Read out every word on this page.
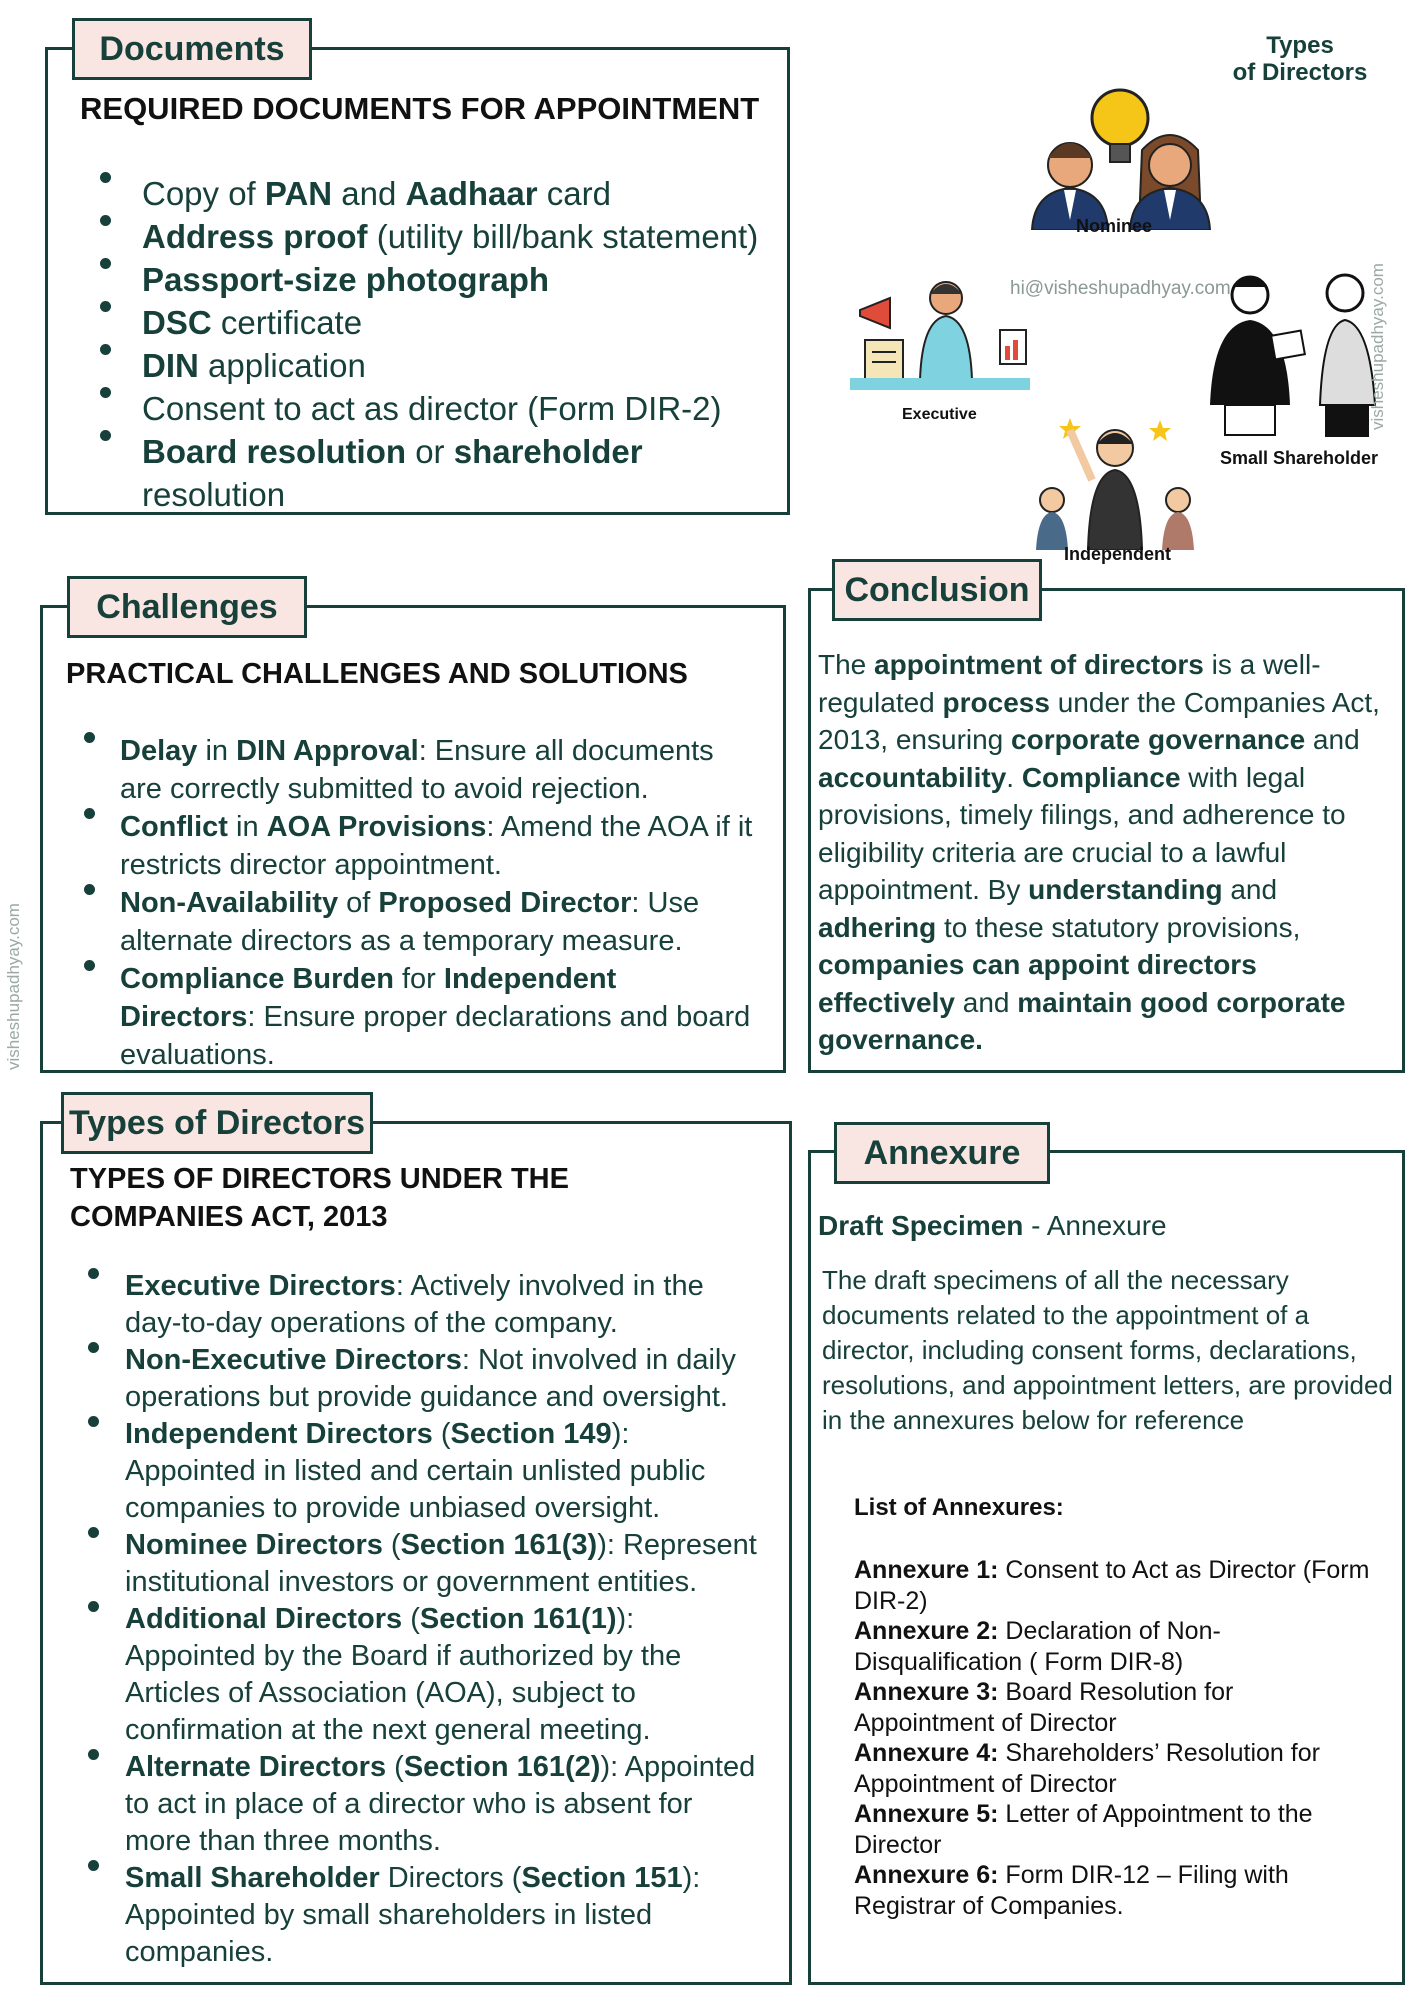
Documents
REQUIRED DOCUMENTS FOR APPOINTMENT
Copy of PAN and Aadhaar card
Address proof (utility bill/bank statement)
Passport-size photograph
DSC certificate
DIN application
Consent to act as director (Form DIR-2)
Board resolution or shareholder resolution
Types
of Directors
Nominee
hi@visheshupadhyay.com
Executive
Small Shareholder
visheshupadhyay.com
Independent
visheshupadhyay.com
Challenges
PRACTICAL CHALLENGES AND SOLUTIONS
Delay in DIN Approval: Ensure all documents are correctly submitted to avoid rejection.
Conflict in AOA Provisions: Amend the AOA if it restricts director appointment.
Non-Availability of Proposed Director: Use alternate directors as a temporary measure.
Compliance Burden for Independent Directors: Ensure proper declarations and board evaluations.
Conclusion
The appointment of directors is a well-regulated process under the Companies Act, 2013, ensuring corporate governance and accountability. Compliance with legal provisions, timely filings, and adherence to eligibility criteria are crucial to a lawful appointment. By understanding and adhering to these statutory provisions, companies can appoint directors effectively and maintain good corporate governance.
Types of Directors
TYPES OF DIRECTORS UNDER THE COMPANIES ACT, 2013
Executive Directors: Actively involved in the day-to-day operations of the company.
Non-Executive Directors: Not involved in daily operations but provide guidance and oversight.
Independent Directors (Section 149): Appointed in listed and certain unlisted public companies to provide unbiased oversight.
Nominee Directors (Section 161(3)): Represent institutional investors or government entities.
Additional Directors (Section 161(1)): Appointed by the Board if authorized by the Articles of Association (AOA), subject to confirmation at the next general meeting.
Alternate Directors (Section 161(2)): Appointed to act in place of a director who is absent for more than three months.
Small Shareholder Directors (Section 151): Appointed by small shareholders in listed companies.
Annexure
Draft Specimen - Annexure
The draft specimens of all the necessary documents related to the appointment of a director, including consent forms, declarations, resolutions, and appointment letters, are provided in the annexures below for reference
List of Annexures:
Annexure 1: Consent to Act as Director (Form DIR-2)
Annexure 2: Declaration of Non-Disqualification ( Form DIR-8)
Annexure 3: Board Resolution for Appointment of Director
Annexure 4: Shareholders’ Resolution for Appointment of Director
Annexure 5: Letter of Appointment to the Director
Annexure 6: Form DIR-12 – Filing with Registrar of Companies.
